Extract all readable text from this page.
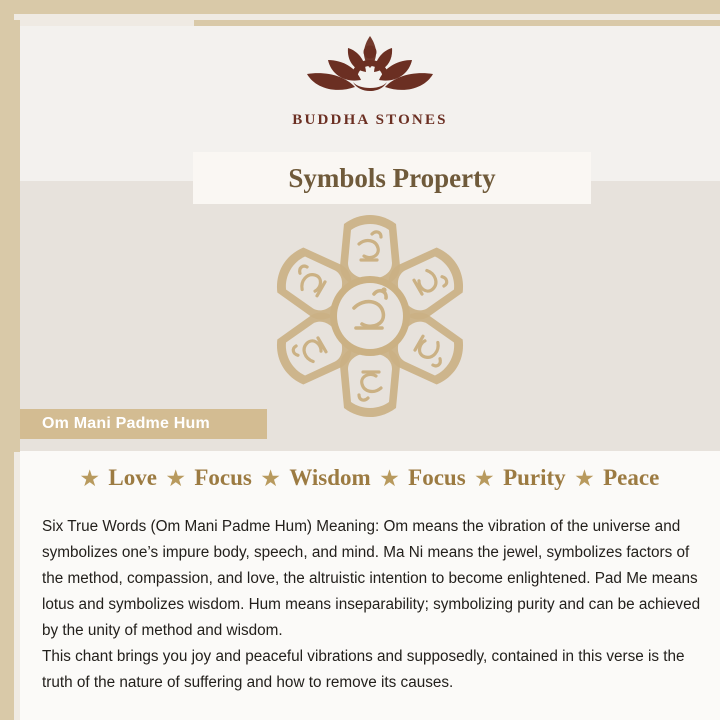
BUDDHA STONES
Symbols Property
Om Mani Padme Hum
★ Love ★ Focus ★ Wisdom ★ Focus ★ Purity ★ Peace

Six True Words (Om Mani Padme Hum) Meaning: Om means the vibration of the universe and symbolizes one’s impure body, speech, and mind. Ma Ni means the jewel, symbolizes factors of the method, compassion, and love, the altruistic intention to become enlightened. Pad Me means lotus and symbolizes wisdom. Hum means inseparability; symbolizing purity and can be achieved by the unity of method and wisdom.

This chant brings you joy and peaceful vibrations and supposedly, contained in this verse is the truth of the nature of suffering and how to remove its causes.
